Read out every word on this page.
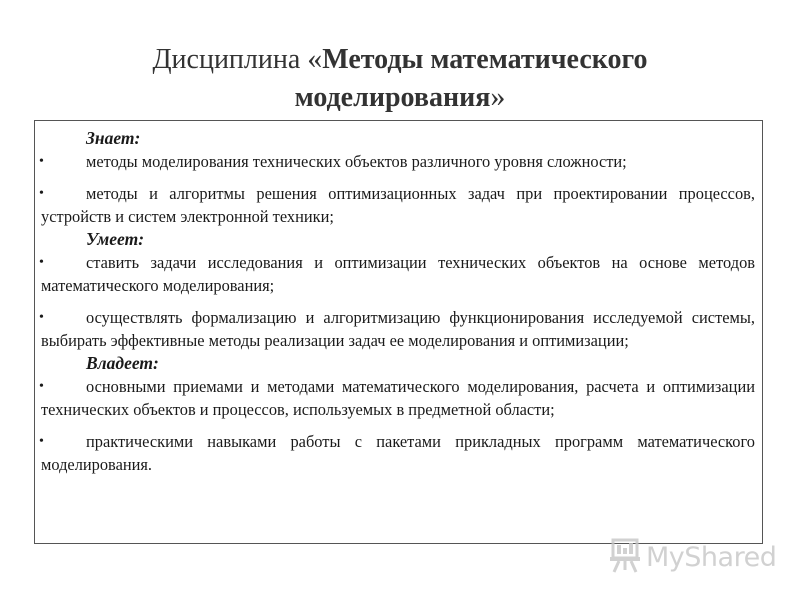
Дисциплина «Методы математического
моделирования»
Знает:

•	методы моделирования технических объектов различного уровня сложности;

•	методы и алгоритмы решения оптимизационных задач при проектировании процессов, устройств и систем электронной техники;

Умеет:

•	ставить задачи исследования и оптимизации технических объектов на основе методов математического моделирования;

•	осуществлять формализацию и алгоритмизацию функционирования исследуемой системы, выбирать эффективные методы реализации задач ее моделирования и оптимизации;

Владеет:

•	основными приемами и методами математического моделирования, расчета и оптимизации технических объектов и процессов, используемых в предметной области;

•	практическими навыками работы с пакетами прикладных программ математического моделирования.

MyShared
